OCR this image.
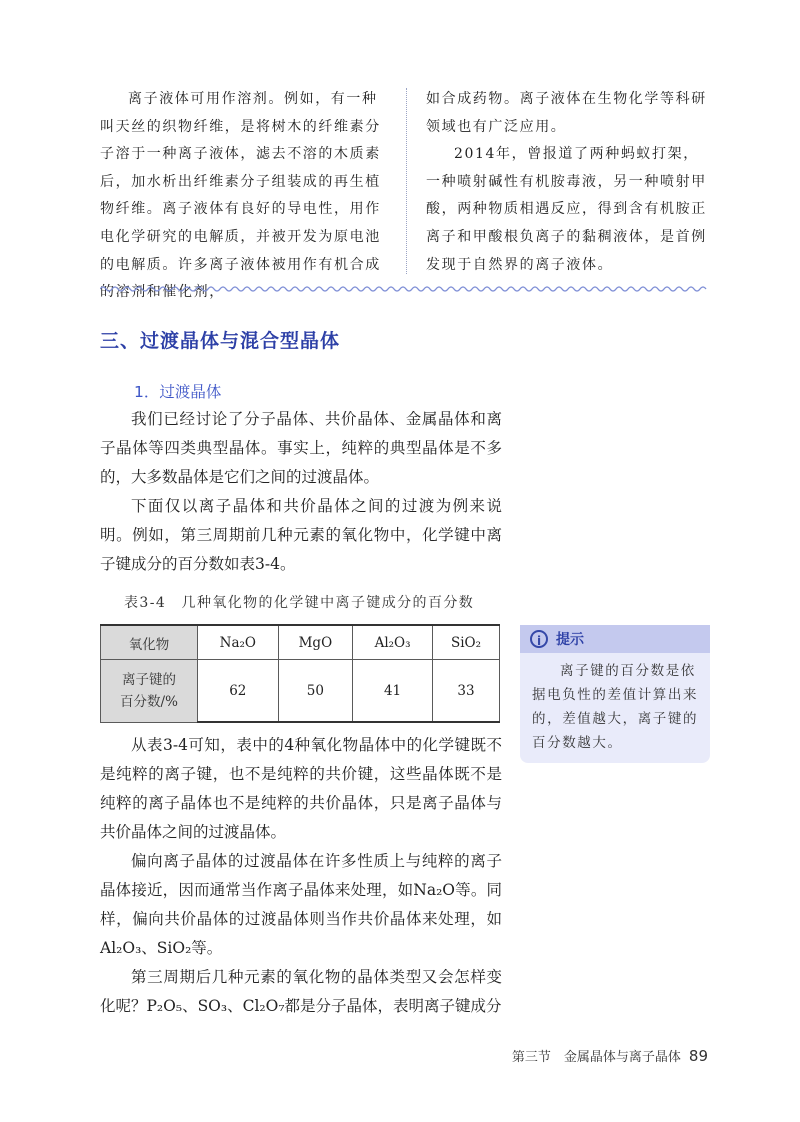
离子液体可用作溶剂。例如，有一种叫天丝的织物纤维，是将树木的纤维素分子溶于一种离子液体，滤去不溶的木质素后，加水析出纤维素分子组装成的再生植物纤维。离子液体有良好的导电性，用作电化学研究的电解质，并被开发为原电池的电解质。许多离子液体被用作有机合成的溶剂和催化剂，

如合成药物。离子液体在生物化学等科研领域也有广泛应用。

2014年，曾报道了两种蚂蚁打架，一种喷射碱性有机胺毒液，另一种喷射甲酸，两种物质相遇反应，得到含有机胺正离子和甲酸根负离子的黏稠液体，是首例发现于自然界的离子液体。

三、过渡晶体与混合型晶体
1．过渡晶体

我们已经讨论了分子晶体、共价晶体、金属晶体和离子晶体等四类典型晶体。事实上，纯粹的典型晶体是不多的，大多数晶体是它们之间的过渡晶体。

下面仅以离子晶体和共价晶体之间的过渡为例来说明。例如，第三周期前几种元素的氧化物中，化学键中离子键成分的百分数如表3-4。

表3-4　几种氧化物的化学键中离子键成分的百分数
氧化物	Na₂O	MgO	Al₂O₃	SiO₂
离子键的
百分数/%	62	50	41	33
i	提示
离子键的百分数是依据电负性的差值计算出来的，差值越大，离子键的百分数越大。

从表3-4可知，表中的4种氧化物晶体中的化学键既不是纯粹的离子键，也不是纯粹的共价键，这些晶体既不是纯粹的离子晶体也不是纯粹的共价晶体，只是离子晶体与共价晶体之间的过渡晶体。

偏向离子晶体的过渡晶体在许多性质上与纯粹的离子晶体接近，因而通常当作离子晶体来处理，如Na₂O等。同样，偏向共价晶体的过渡晶体则当作共价晶体来处理，如Al₂O₃、SiO₂等。

第三周期后几种元素的氧化物的晶体类型又会怎样变化呢？P₂O₅、SO₃、Cl₂O₇都是分子晶体，表明离子键成分

第三节　金属晶体与离子晶体 89
